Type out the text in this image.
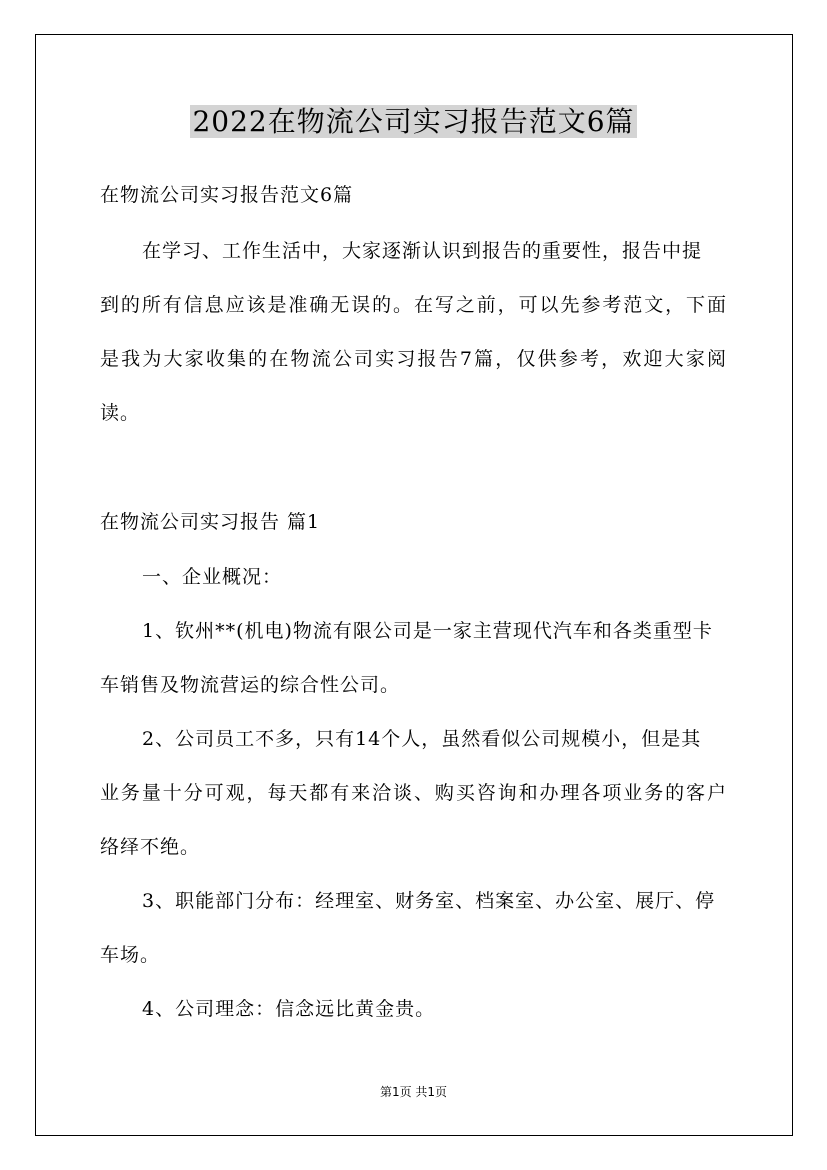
2022在物流公司实习报告范文6篇
在物流公司实习报告范文6篇
在学习、工作生活中，大家逐渐认识到报告的重要性，报告中提
到的所有信息应该是准确无误的。在写之前，可以先参考范文，下面
是我为大家收集的在物流公司实习报告7篇，仅供参考，欢迎大家阅
读。
在物流公司实习报告 篇1
一、企业概况：
1、钦州**(机电)物流有限公司是一家主营现代汽车和各类重型卡
车销售及物流营运的综合性公司。
2、公司员工不多，只有14个人，虽然看似公司规模小，但是其
业务量十分可观，每天都有来洽谈、购买咨询和办理各项业务的客户
络绎不绝。
3、职能部门分布：经理室、财务室、档案室、办公室、展厅、停
车场。
4、公司理念：信念远比黄金贵。
第1页 共1页
